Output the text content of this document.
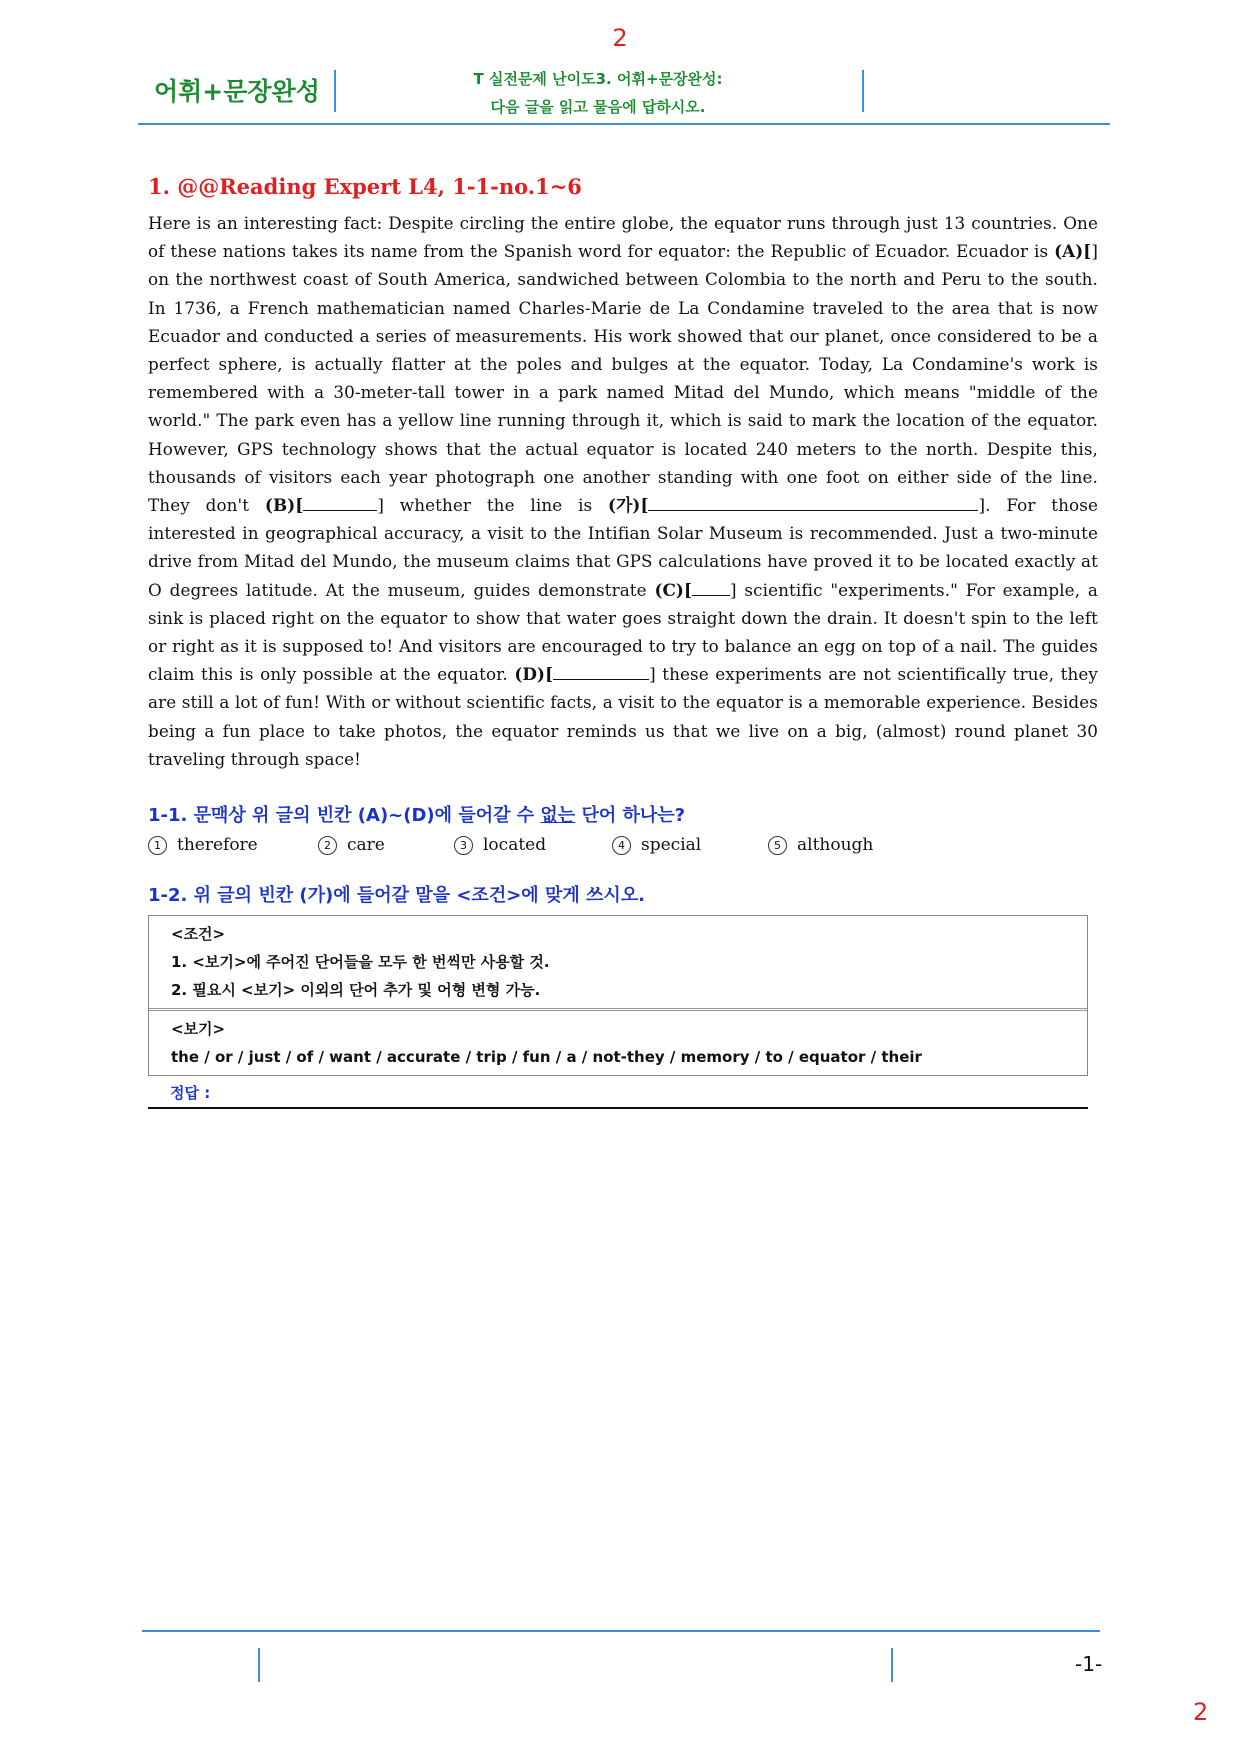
2
어휘+문장완성	T 실전문제 난이도3. 어휘+문장완성:
다음 글을 읽고 물음에 답하시오.
1. @@Reading Expert L4, 1-1-no.1~6

Here is an interesting fact: Despite circling the entire globe, the equator runs through just 13 countries. One of these nations takes its name from the Spanish word for equator: the Republic of Ecuador. Ecuador is (A)[] on the northwest coast of South America, sandwiched between Colombia to the north and Peru to the south. In 1736, a French mathematician named Charles-Marie de La Condamine traveled to the area that is now Ecuador and conducted a series of measurements. His work showed that our planet, once considered to be a perfect sphere, is actually flatter at the poles and bulges at the equator. Today, La Condamine's work is remembered with a 30-meter-tall tower in a park named Mitad del Mundo, which means "middle of the world." The park even has a yellow line running through it, which is said to mark the location of the equator. However, GPS technology shows that the actual equator is located 240 meters to the north. Despite this, thousands of visitors each year photograph one another standing with one foot on either side of the line. They don't (B)[	] whether the line is (가)[	]. For those interested in geographical accuracy, a visit to the Intifian Solar Museum is recommended. Just a two-minute drive from Mitad del Mundo, the museum claims that GPS calculations have proved it to be located exactly at O degrees latitude. At the museum, guides demonstrate (C)[ ] scientific "experiments." For example, a sink is placed right on the equator to show that water goes straight down the drain. It doesn't spin to the left or right as it is supposed to! And visitors are encouraged to try to balance an egg on top of a nail. The guides claim this is only possible at the equator. (D)[	] these experiments are not scientifically true, they are still a lot of fun! With or without scientific facts, a visit to the equator is a memorable experience. Besides being a fun place to take photos, the equator reminds us that we live on a big, (almost) round planet 30 traveling through space!

1-1. 문맥상 위 글의 빈칸 (A)~(D)에 들어갈 수 없는 단어 하나는?
1 therefore	2 care	3 located	4 special	5 although
1-2. 위 글의 빈칸 (가)에 들어갈 말을 <조건>에 맞게 쓰시오.
<조건>
1. <보기>에 주어진 단어들을 모두 한 번씩만 사용할 것.
2. 필요시 <보기> 이외의 단어 추가 및 어형 변형 가능.
<보기>
the / or / just / of / want / accurate / trip / fun / a / not-they / memory / to / equator / their
정답 :
-1-
2
